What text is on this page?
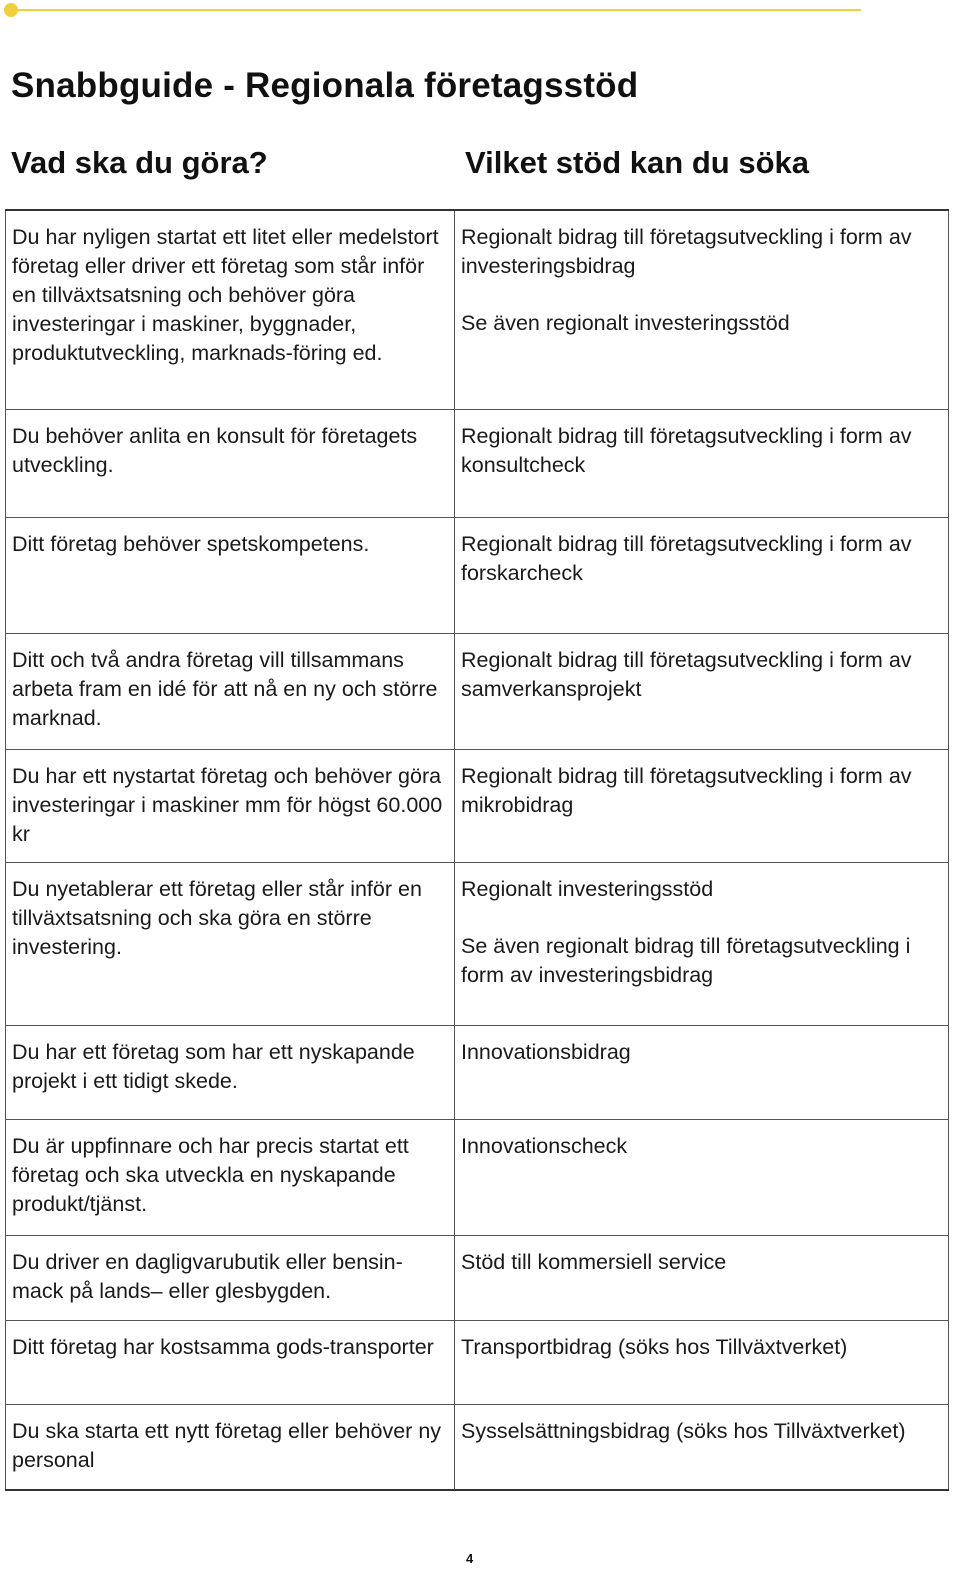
Snabbguide - Regionala företagsstöd
Vad ska du göra?	Vilket stöd kan du söka
Du har nyligen startat ett litet eller medelstort företag eller driver ett företag som står inför en tillväxtsatsning och behöver göra investeringar i maskiner, byggnader, produktutveckling, marknads-föring ed.	Regionalt bidrag till företagsutveckling i form av investeringsbidrag
Se även regionalt investeringsstöd

Du behöver anlita en konsult för företagets utveckling.	Regionalt bidrag till företagsutveckling i form av konsultcheck

Ditt företag behöver spetskompetens.	Regionalt bidrag till företagsutveckling i form av forskarcheck

Ditt och två andra företag vill tillsammans arbeta fram en idé för att nå en ny och större marknad.	Regionalt bidrag till företagsutveckling i form av samverkansprojekt

Du har ett nystartat företag och behöver göra investeringar i maskiner mm för högst 60.000 kr	Regionalt bidrag till företagsutveckling i form av mikrobidrag

Du nyetablerar ett företag eller står inför en tillväxtsatsning och ska göra en större investering.	Regionalt investeringsstöd
Se även regionalt bidrag till företagsutveckling i form av investeringsbidrag

Du har ett företag som har ett nyskapande projekt i ett tidigt skede.	Innovationsbidrag

Du är uppfinnare och har precis startat ett företag och ska utveckla en nyskapande produkt/tjänst.	Innovationscheck

Du driver en dagligvarubutik eller bensin-mack på lands– eller glesbygden.	Stöd till kommersiell service

Ditt företag har kostsamma gods-transporter	Transportbidrag (söks hos Tillväxtverket)

Du ska starta ett nytt företag eller behöver ny personal	Sysselsättningsbidrag (söks hos Tillväxtverket)
4
